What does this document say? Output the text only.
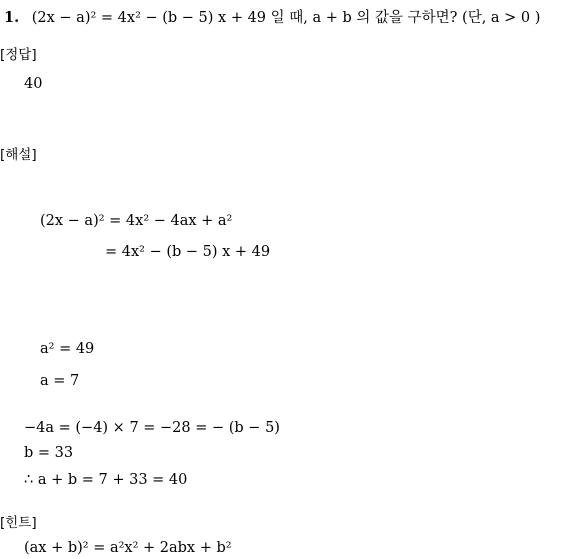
1. (2x − a)² = 4x² − (b − 5) x + 49 일 때, a + b 의 값을 구하면? (단, a > 0 )
[정답]
40
[해설]
(2x − a)² = 4x² − 4ax + a²
= 4x² − (b − 5) x + 49
a² = 49
a = 7
−4a = (−4) × 7 = −28 = − (b − 5)
b = 33
∴ a + b = 7 + 33 = 40
[힌트]
(ax + b)² = a²x² + 2abx + b²
